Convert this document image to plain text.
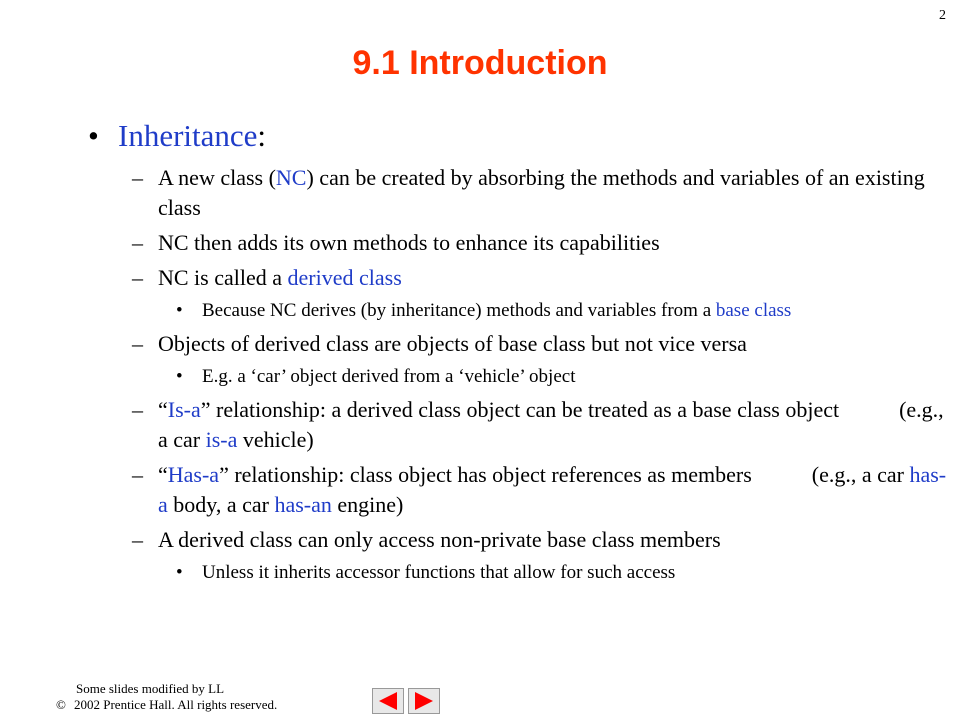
2
9.1 Introduction
• Inheritance:
– A new class (NC) can be created by absorbing the methods and variables of an existing class
– NC then adds its own methods to enhance its capabilities
– NC is called a derived class
• Because NC derives (by inheritance) methods and variables from a base class
– Objects of derived class are objects of base class but not vice versa
• E.g. a ‘car’ object derived from a ‘vehicle’ object
– “Is-a” relationship: a derived class object can be treated as a base class object	(e.g., a car is-a vehicle)
– “Has-a” relationship: class object has object references as members	(e.g., a car has-a body, a car has-an engine)
– A derived class can only access non-private base class members
• Unless it inherits accessor functions that allow for such access
Some slides modified by LL
© 2002 Prentice Hall. All rights reserved.
